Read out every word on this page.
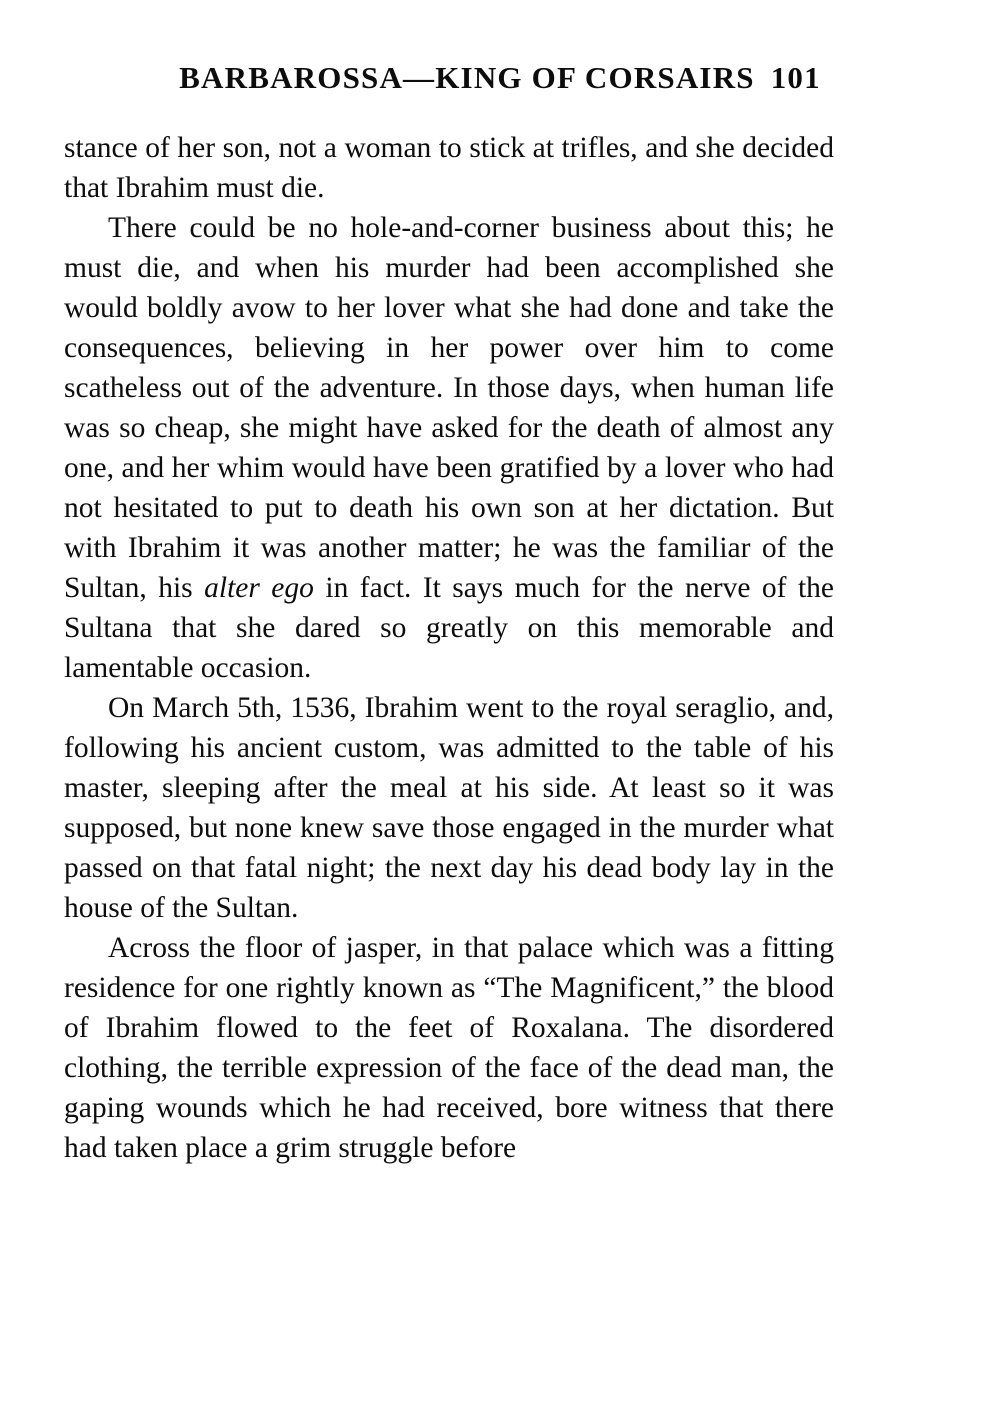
BARBAROSSA—KING OF CORSAIRS 101

stance of her son, not a woman to stick at trifles, and she decided that Ibrahim must die.

There could be no hole-and-corner business about this; he must die, and when his murder had been accomplished she would boldly avow to her lover what she had done and take the consequences, believing in her power over him to come scatheless out of the adventure. In those days, when human life was so cheap, she might have asked for the death of almost any one, and her whim would have been gratified by a lover who had not hesitated to put to death his own son at her dictation. But with Ibrahim it was another matter; he was the familiar of the Sultan, his alter ego in fact. It says much for the nerve of the Sultana that she dared so greatly on this memorable and lamentable occasion.

On March 5th, 1536, Ibrahim went to the royal seraglio, and, following his ancient custom, was admitted to the table of his master, sleeping after the meal at his side. At least so it was supposed, but none knew save those engaged in the murder what passed on that fatal night; the next day his dead body lay in the house of the Sultan.

Across the floor of jasper, in that palace which was a fitting residence for one rightly known as “The Magnificent,” the blood of Ibrahim flowed to the feet of Roxalana. The disordered clothing, the terrible expression of the face of the dead man, the gaping wounds which he had received, bore witness that there had taken place a grim struggle before
